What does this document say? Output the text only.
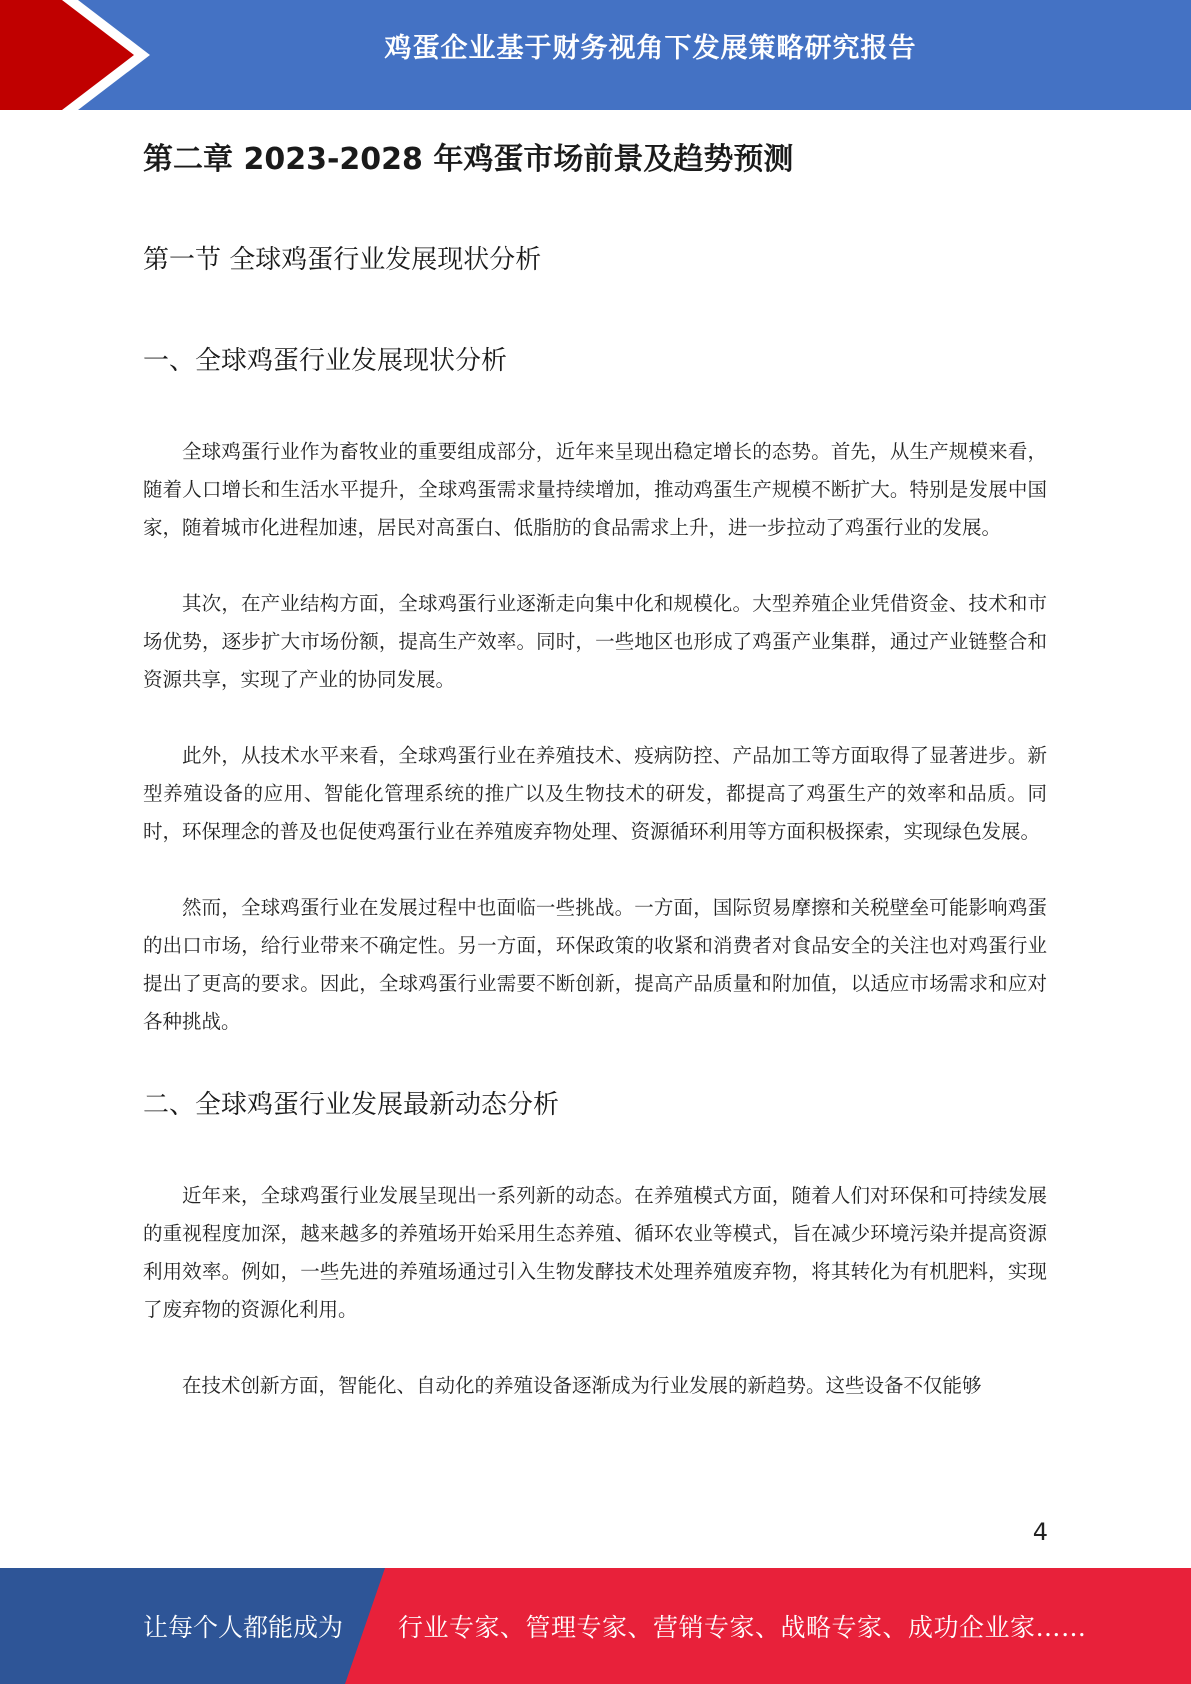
鸡蛋企业基于财务视角下发展策略研究报告
第二章 2023-2028 年鸡蛋市场前景及趋势预测
第一节 全球鸡蛋行业发展现状分析
一、全球鸡蛋行业发展现状分析

全球鸡蛋行业作为畜牧业的重要组成部分，近年来呈现出稳定增长的态势。首先，从生产规模来看，随着人口增长和生活水平提升，全球鸡蛋需求量持续增加，推动鸡蛋生产规模不断扩大。特别是发展中国家，随着城市化进程加速，居民对高蛋白、低脂肪的食品需求上升，进一步拉动了鸡蛋行业的发展。

其次，在产业结构方面，全球鸡蛋行业逐渐走向集中化和规模化。大型养殖企业凭借资金、技术和市场优势，逐步扩大市场份额，提高生产效率。同时，一些地区也形成了鸡蛋产业集群，通过产业链整合和资源共享，实现了产业的协同发展。

此外，从技术水平来看，全球鸡蛋行业在养殖技术、疫病防控、产品加工等方面取得了显著进步。新型养殖设备的应用、智能化管理系统的推广以及生物技术的研发，都提高了鸡蛋生产的效率和品质。同时，环保理念的普及也促使鸡蛋行业在养殖废弃物处理、资源循环利用等方面积极探索，实现绿色发展。

然而，全球鸡蛋行业在发展过程中也面临一些挑战。一方面，国际贸易摩擦和关税壁垒可能影响鸡蛋的出口市场，给行业带来不确定性。另一方面，环保政策的收紧和消费者对食品安全的关注也对鸡蛋行业提出了更高的要求。因此，全球鸡蛋行业需要不断创新，提高产品质量和附加值，以适应市场需求和应对各种挑战。

二、全球鸡蛋行业发展最新动态分析

近年来，全球鸡蛋行业发展呈现出一系列新的动态。在养殖模式方面，随着人们对环保和可持续发展的重视程度加深，越来越多的养殖场开始采用生态养殖、循环农业等模式，旨在减少环境污染并提高资源利用效率。例如，一些先进的养殖场通过引入生物发酵技术处理养殖废弃物，将其转化为有机肥料，实现了废弃物的资源化利用。

在技术创新方面，智能化、自动化的养殖设备逐渐成为行业发展的新趋势。这些设备不仅能够

4
让每个人都能成为 行业专家、管理专家、营销专家、战略专家、成功企业家……
